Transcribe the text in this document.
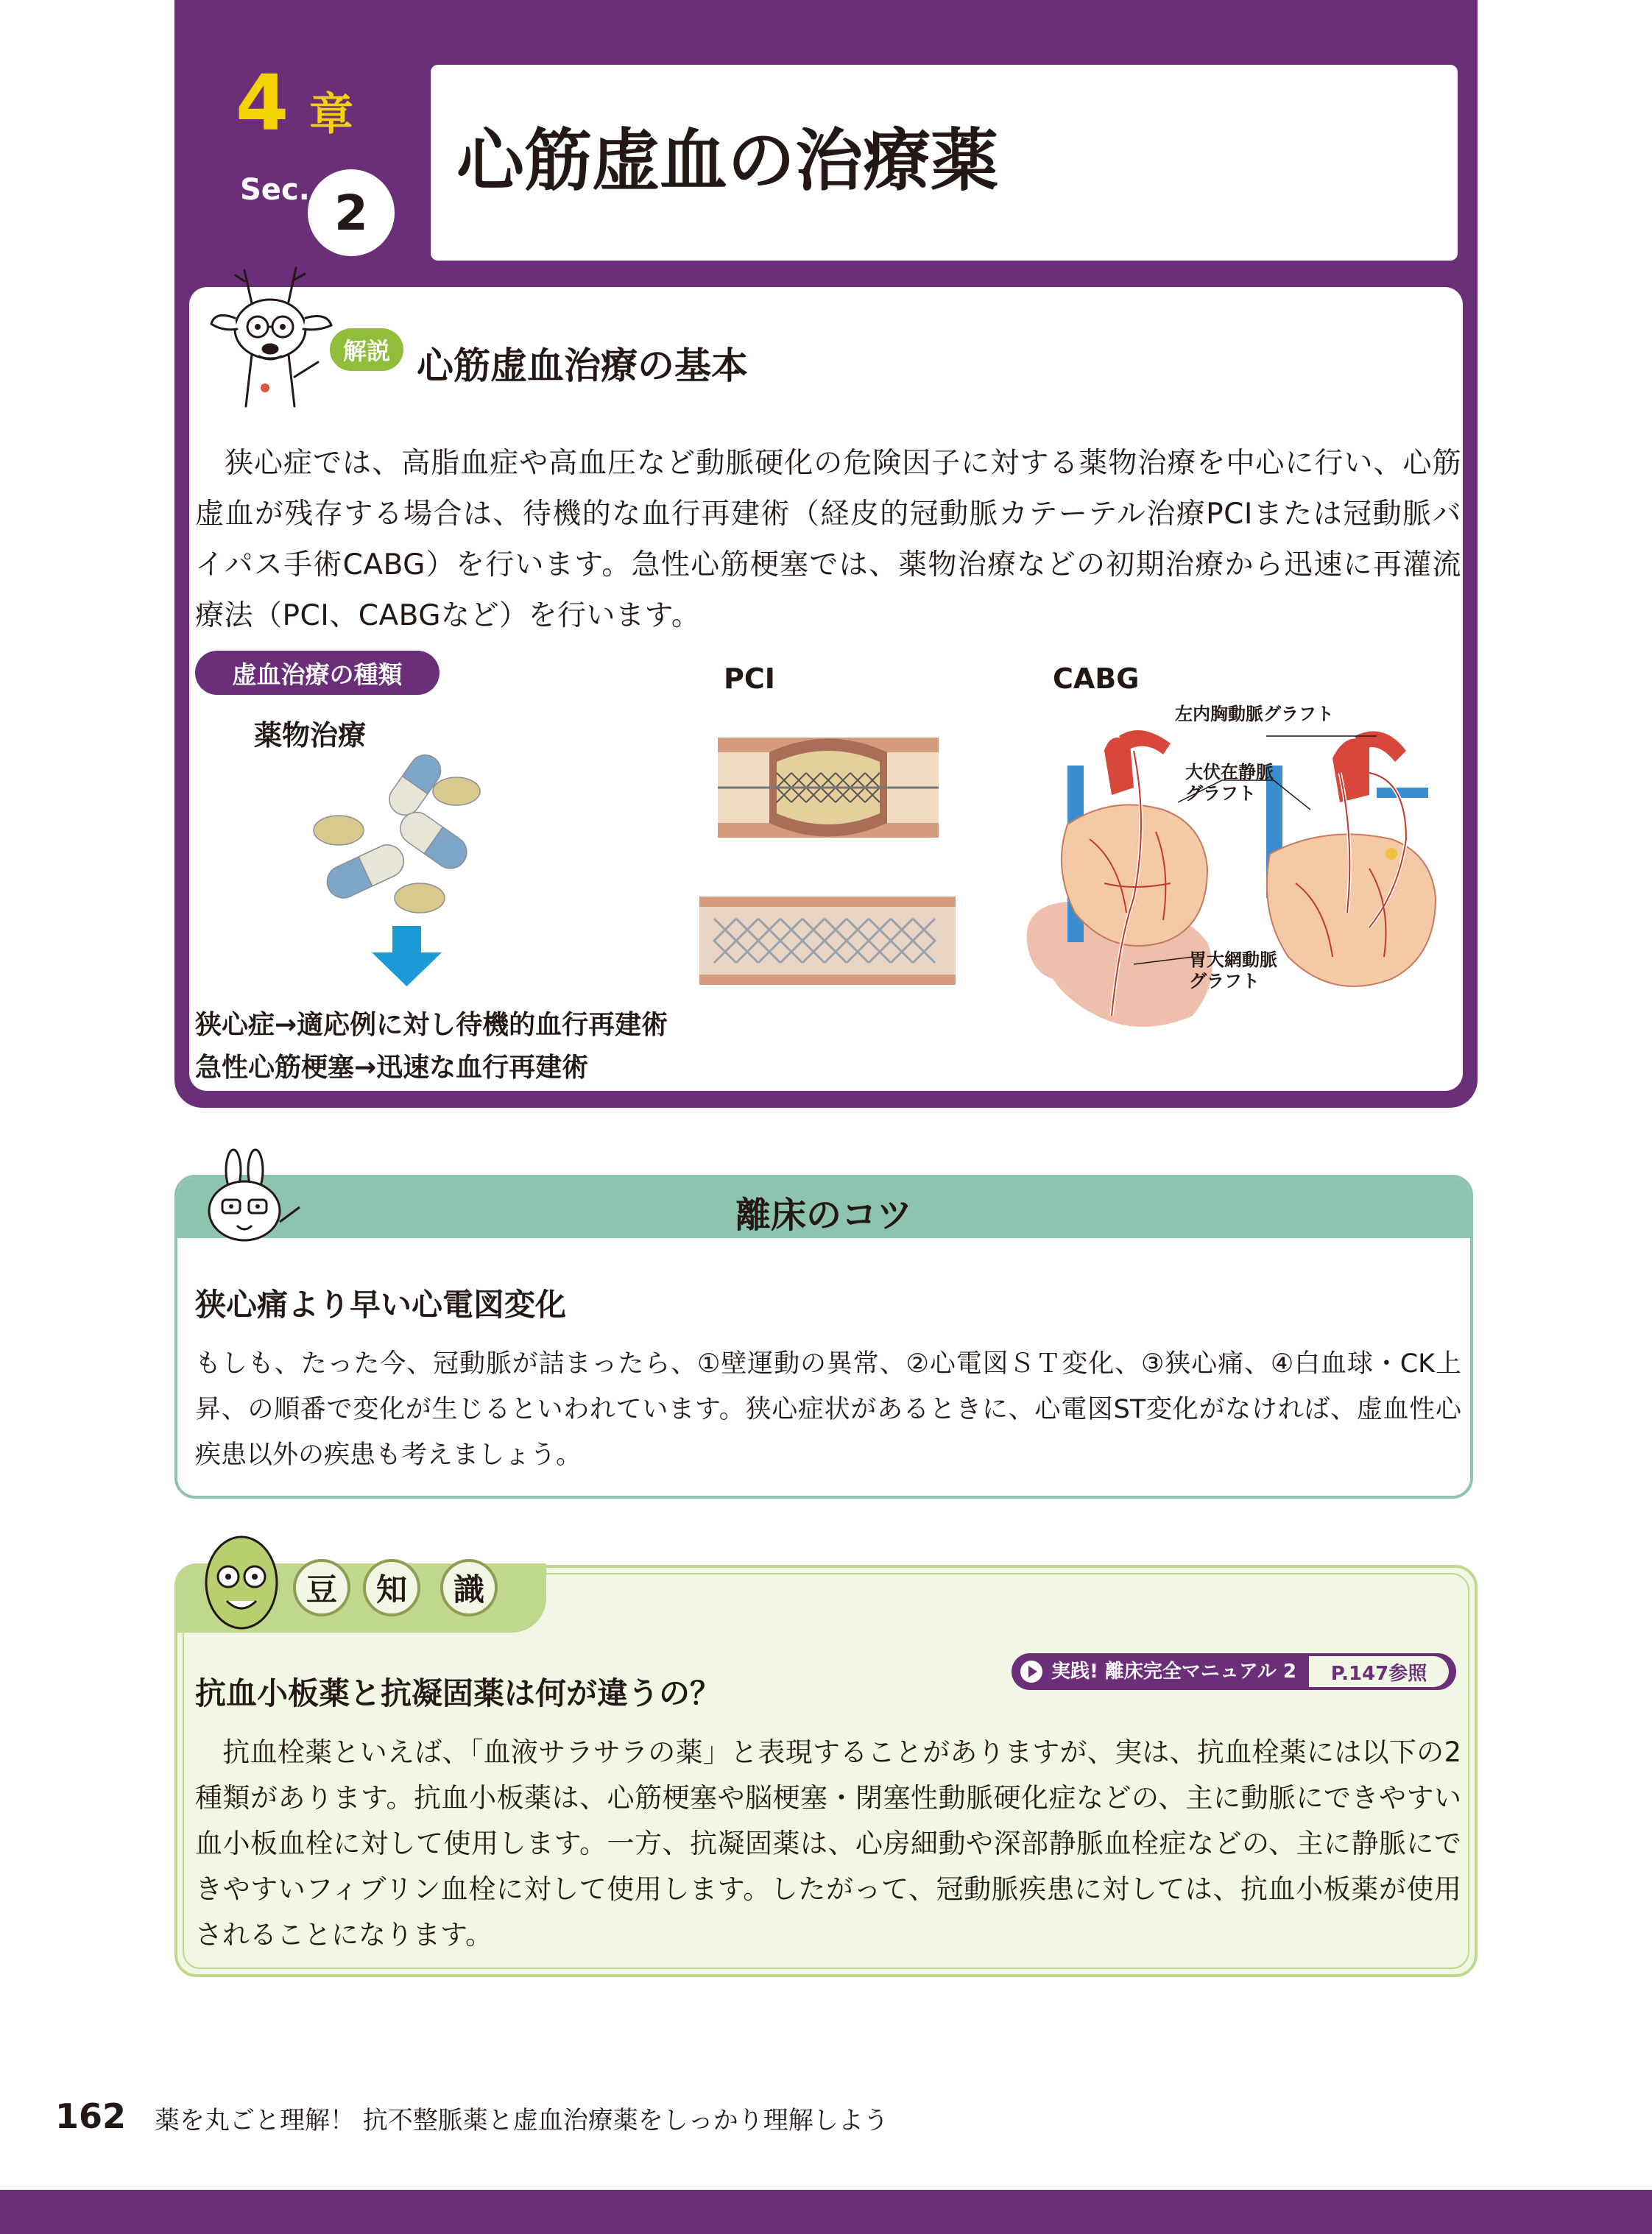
4 章
Sec. 2
心筋虚血の治療薬
解説 心筋虚血治療の基本

　狭心症では、高脂血症や高血圧など動脈硬化の危険因子に対する薬物治療を中心に行い、心筋虚血が残存する場合は、待機的な血行再建術（経皮的冠動脈カテーテル治療PCIまたは冠動脈バイパス手術CABG）を行います。急性心筋梗塞では、薬物治療などの初期治療から迅速に再灌流療法（PCI、CABGなど）を行います。

虚血治療の種類
薬物治療
狭心症→適応例に対し待機的血行再建術
急性心筋梗塞→迅速な血行再建術
PCI	CABG
左内胸動脈グラフト
大伏在静脈
グラフト
胃大網動脈
グラフト
離床のコツ
狭心痛より早い心電図変化

もしも、たった今、冠動脈が詰まったら、①壁運動の異常、②心電図ＳＴ変化、③狭心痛、④白血球・CK上昇、の順番で変化が生じるといわれています。狭心症状があるときに、心電図ST変化がなければ、虚血性心疾患以外の疾患も考えましょう。

豆	知	識
抗血小板薬と抗凝固薬は何が違うの？
実践! 離床完全マニュアル 2	P.147参照

　抗血栓薬といえば、「血液サラサラの薬」と表現することがありますが、実は、抗血栓薬には以下の2種類があります。抗血小板薬は、心筋梗塞や脳梗塞・閉塞性動脈硬化症などの、主に動脈にできやすい血小板血栓に対して使用します。一方、抗凝固薬は、心房細動や深部静脈血栓症などの、主に静脈にできやすいフィブリン血栓に対して使用します。したがって、冠動脈疾患に対しては、抗血小板薬が使用されることになります。

162 薬を丸ごと理解！ 抗不整脈薬と虚血治療薬をしっかり理解しよう
